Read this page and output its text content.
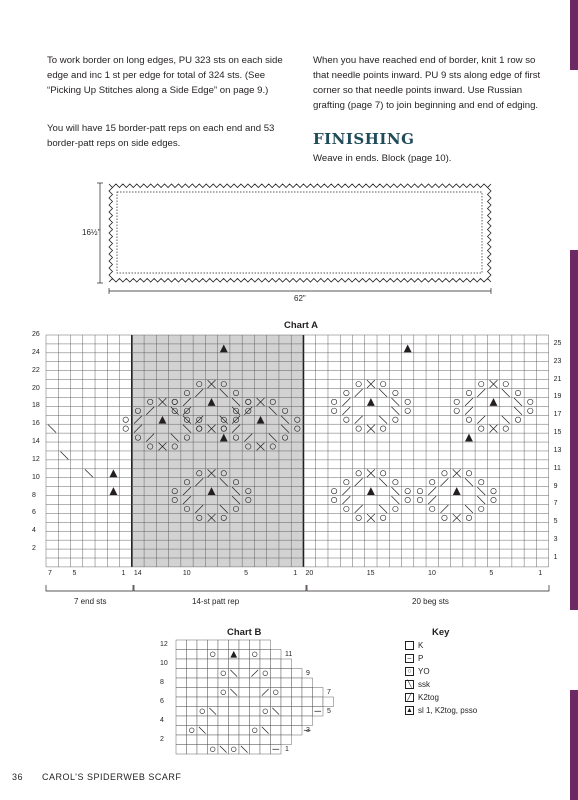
To work border on long edges, PU 323 sts on each side edge and inc 1 st per edge for total of 324 sts. (See “Picking Up Stitches along a Side Edge” on page 9.)

You will have 15 border-patt reps on each end and 53 border-patt reps on side edges.

When you have reached end of border, knit 1 row so that needle points inward. PU 9 sts along edge of first corner so that needle points inward. Use Russian grafting (page 7) to join beginning and end of edging.

FINISHING

Weave in ends. Block (page 10).

16½"
62"
Chart A
26
24
22
20
18
16
14
12
10
8
6
4
2
25
23
21
19
17
15
13
11
9
7
5
3
1
7	5	1 14	10	5	1 20	15	10	5	1
7 end sts	14-st patt rep	20 beg sts
Chart B
12
10
8
6
4
2
11
9
7
5
3
1
Key
K
– P
○ YO
╲ ssk
╱ K2tog
▲ sl 1, K2tog, psso
36 CAROL’S SPIDERWEB SCARF
